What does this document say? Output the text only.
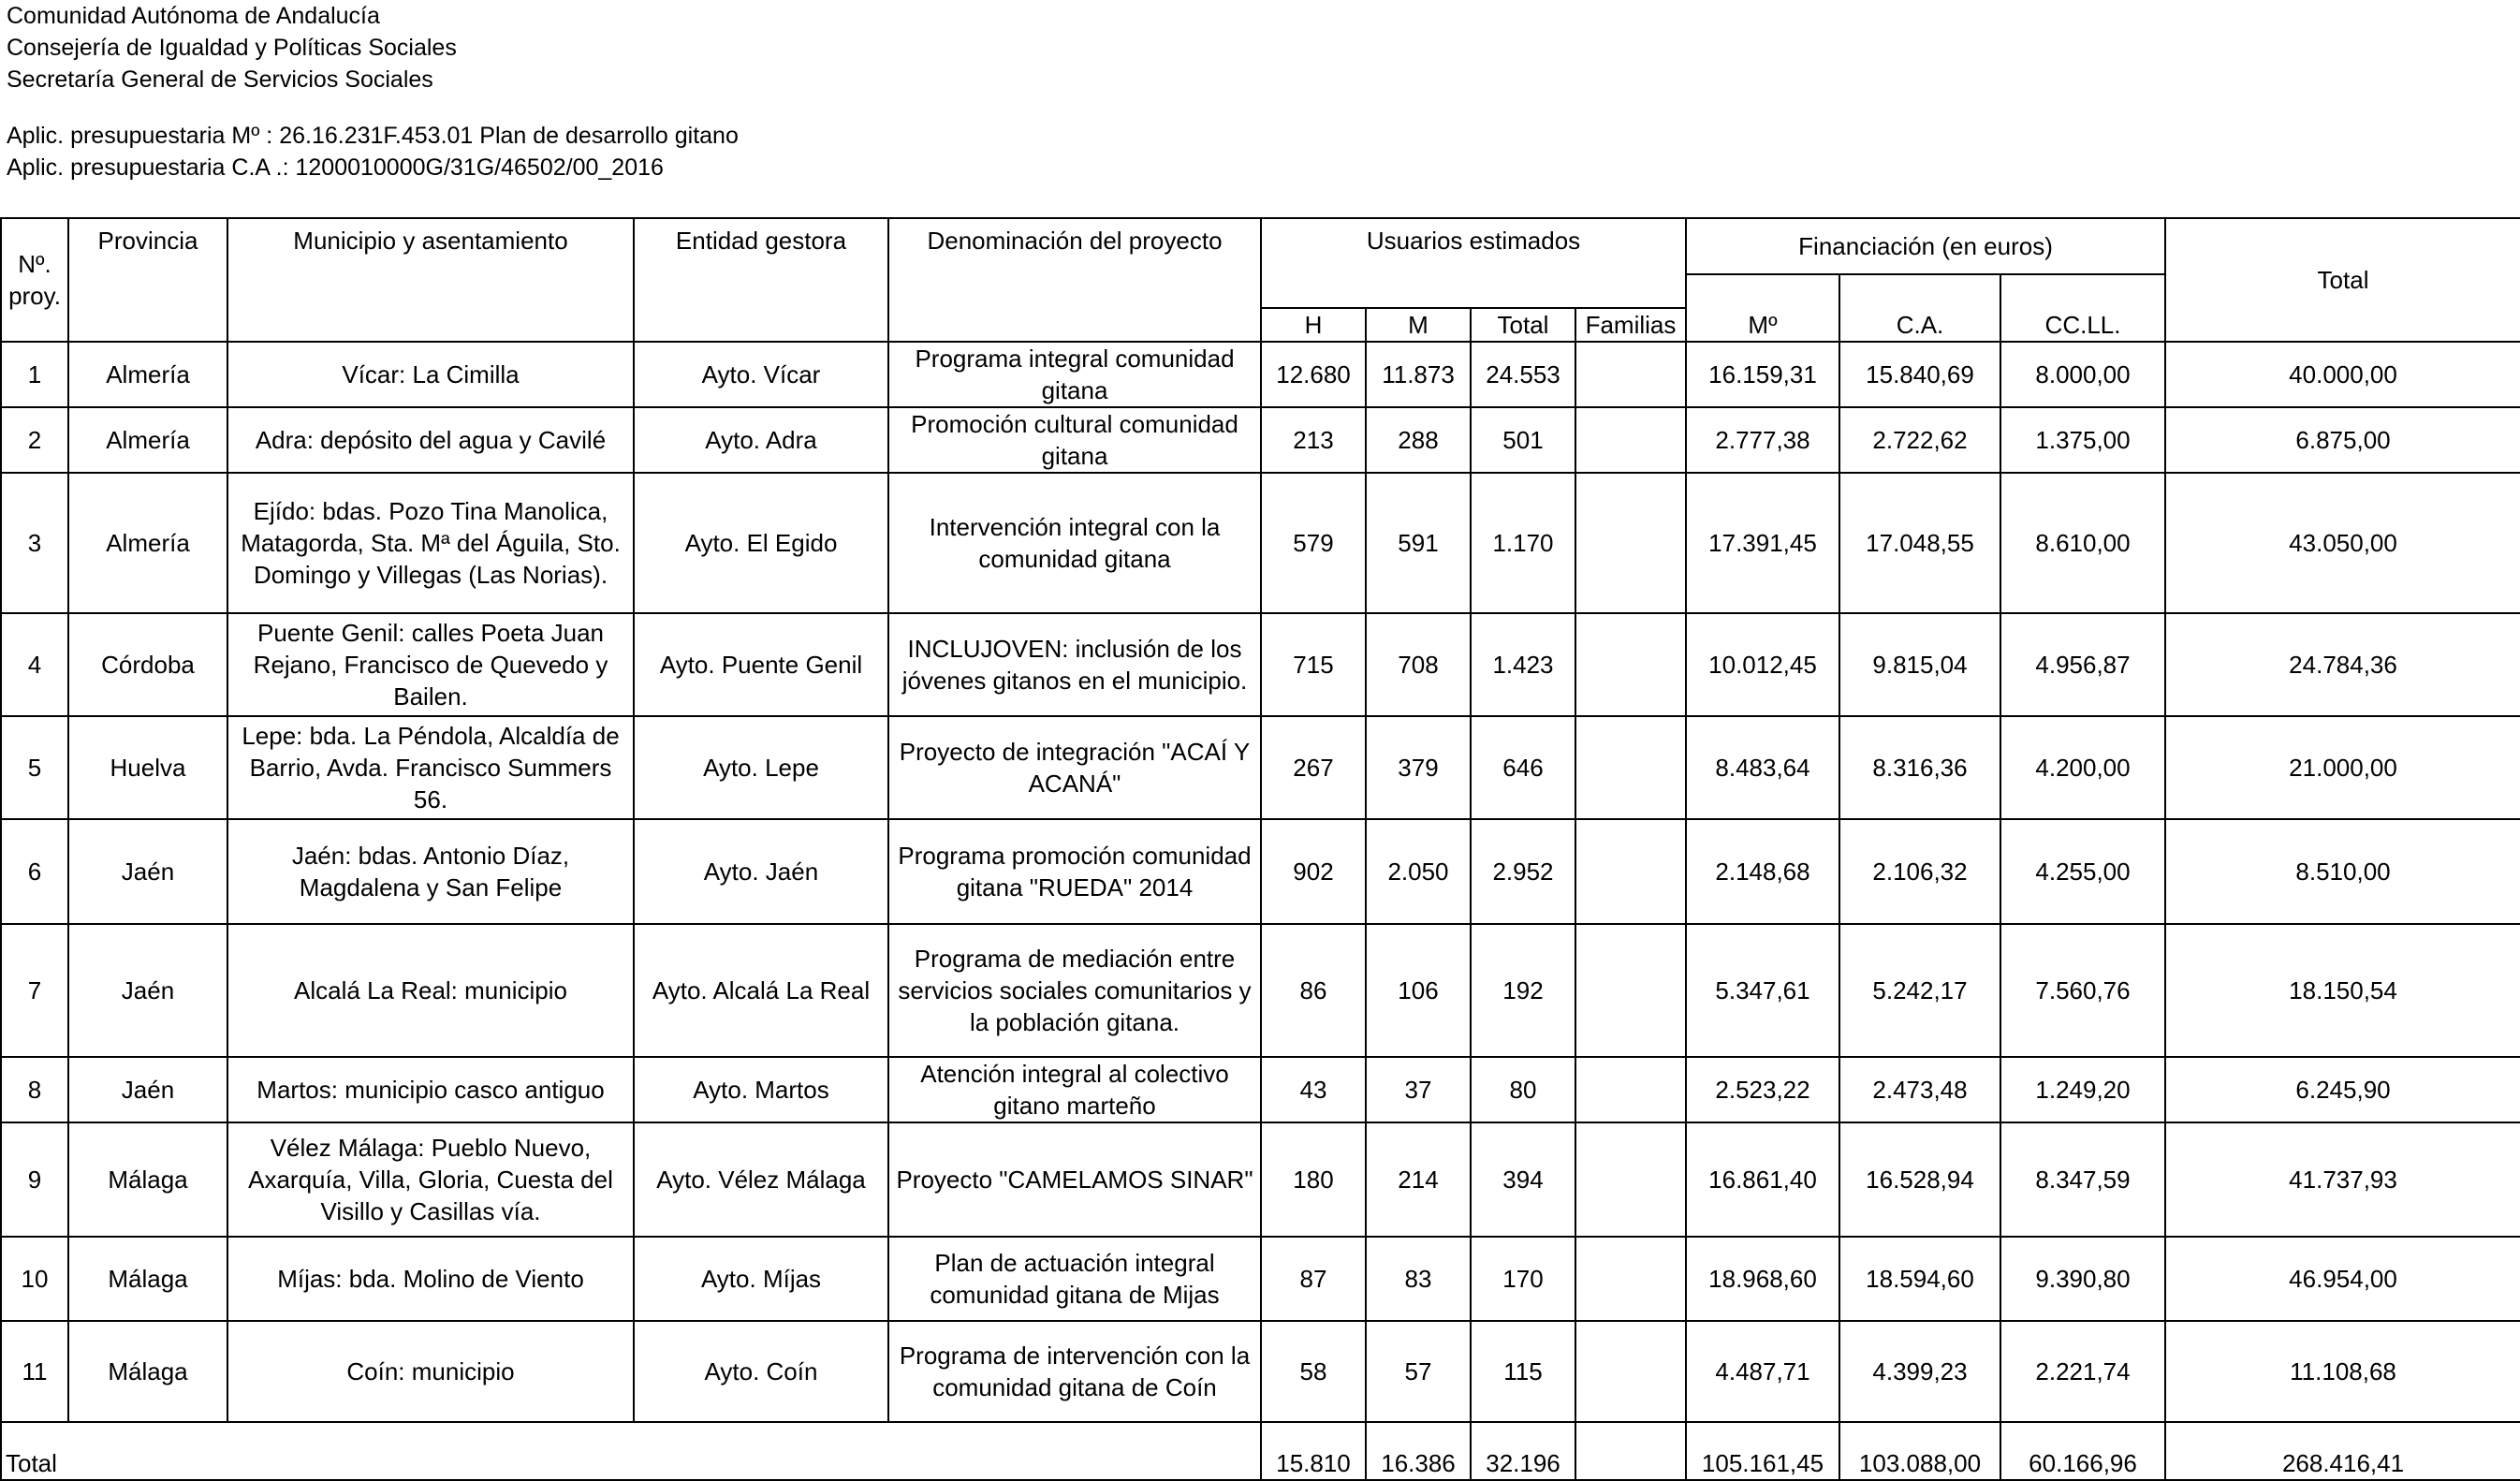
Comunidad Autónoma de Andalucía
Consejería de Igualdad y Políticas Sociales
Secretaría General de Servicios Sociales
Aplic. presupuestaria Mº : 26.16.231F.453.01 Plan de desarrollo gitano
Aplic. presupuestaria C.A .: 1200010000G/31G/46502/00_2016
Nº. proy.	Provincia	Municipio y asentamiento	Entidad gestora	Denominación del proyecto	Usuarios estimados				Financiación (en euros)			Total
									Mº	C.A.	CC.LL.	
					H	M	Total	Familias				
1	Almería	Vícar: La Cimilla	Ayto. Vícar	Programa integral comunidad gitana	12.680	11.873	24.553		16.159,31	15.840,69	8.000,00	40.000,00
2	Almería	Adra: depósito del agua y Cavilé	Ayto. Adra	Promoción cultural comunidad gitana	213	288	501		2.777,38	2.722,62	1.375,00	6.875,00
3	Almería	Ejído: bdas. Pozo Tina Manolica, Matagorda, Sta. Mª del Águila, Sto. Domingo y Villegas (Las Norias).	Ayto. El Egido	Intervención integral con la comunidad gitana	579	591	1.170		17.391,45	17.048,55	8.610,00	43.050,00
4	Córdoba	Puente Genil: calles Poeta Juan Rejano, Francisco de Quevedo y Bailen.	Ayto. Puente Genil	INCLUJOVEN: inclusión de los jóvenes gitanos en el municipio.	715	708	1.423		10.012,45	9.815,04	4.956,87	24.784,36
5	Huelva	Lepe: bda. La Péndola, Alcaldía de Barrio, Avda. Francisco Summers 56.	Ayto. Lepe	Proyecto de integración "ACAÍ Y ACANÁ"	267	379	646		8.483,64	8.316,36	4.200,00	21.000,00
6	Jaén	Jaén: bdas. Antonio Díaz, Magdalena y San Felipe	Ayto. Jaén	Programa promoción comunidad gitana "RUEDA" 2014	902	2.050	2.952		2.148,68	2.106,32	4.255,00	8.510,00
7	Jaén	Alcalá La Real: municipio	Ayto. Alcalá La Real	Programa de mediación entre servicios sociales comunitarios y la población gitana.	86	106	192		5.347,61	5.242,17	7.560,76	18.150,54
8	Jaén	Martos: municipio casco antiguo	Ayto. Martos	Atención integral al colectivo gitano marteño	43	37	80		2.523,22	2.473,48	1.249,20	6.245,90
9	Málaga	Vélez Málaga: Pueblo Nuevo, Axarquía, Villa, Gloria, Cuesta del Visillo y Casillas vía.	Ayto. Vélez Málaga	Proyecto "CAMELAMOS SINAR"	180	214	394		16.861,40	16.528,94	8.347,59	41.737,93
10	Málaga	Míjas: bda. Molino de Viento	Ayto. Míjas	Plan de actuación integral comunidad gitana de Mijas	87	83	170		18.968,60	18.594,60	9.390,80	46.954,00
11	Málaga	Coín: municipio	Ayto. Coín	Programa de intervención con la comunidad gitana de Coín	58	57	115		4.487,71	4.399,23	2.221,74	11.108,68
Total					15.810	16.386	32.196		105.161,45	103.088,00	60.166,96	268.416,41
